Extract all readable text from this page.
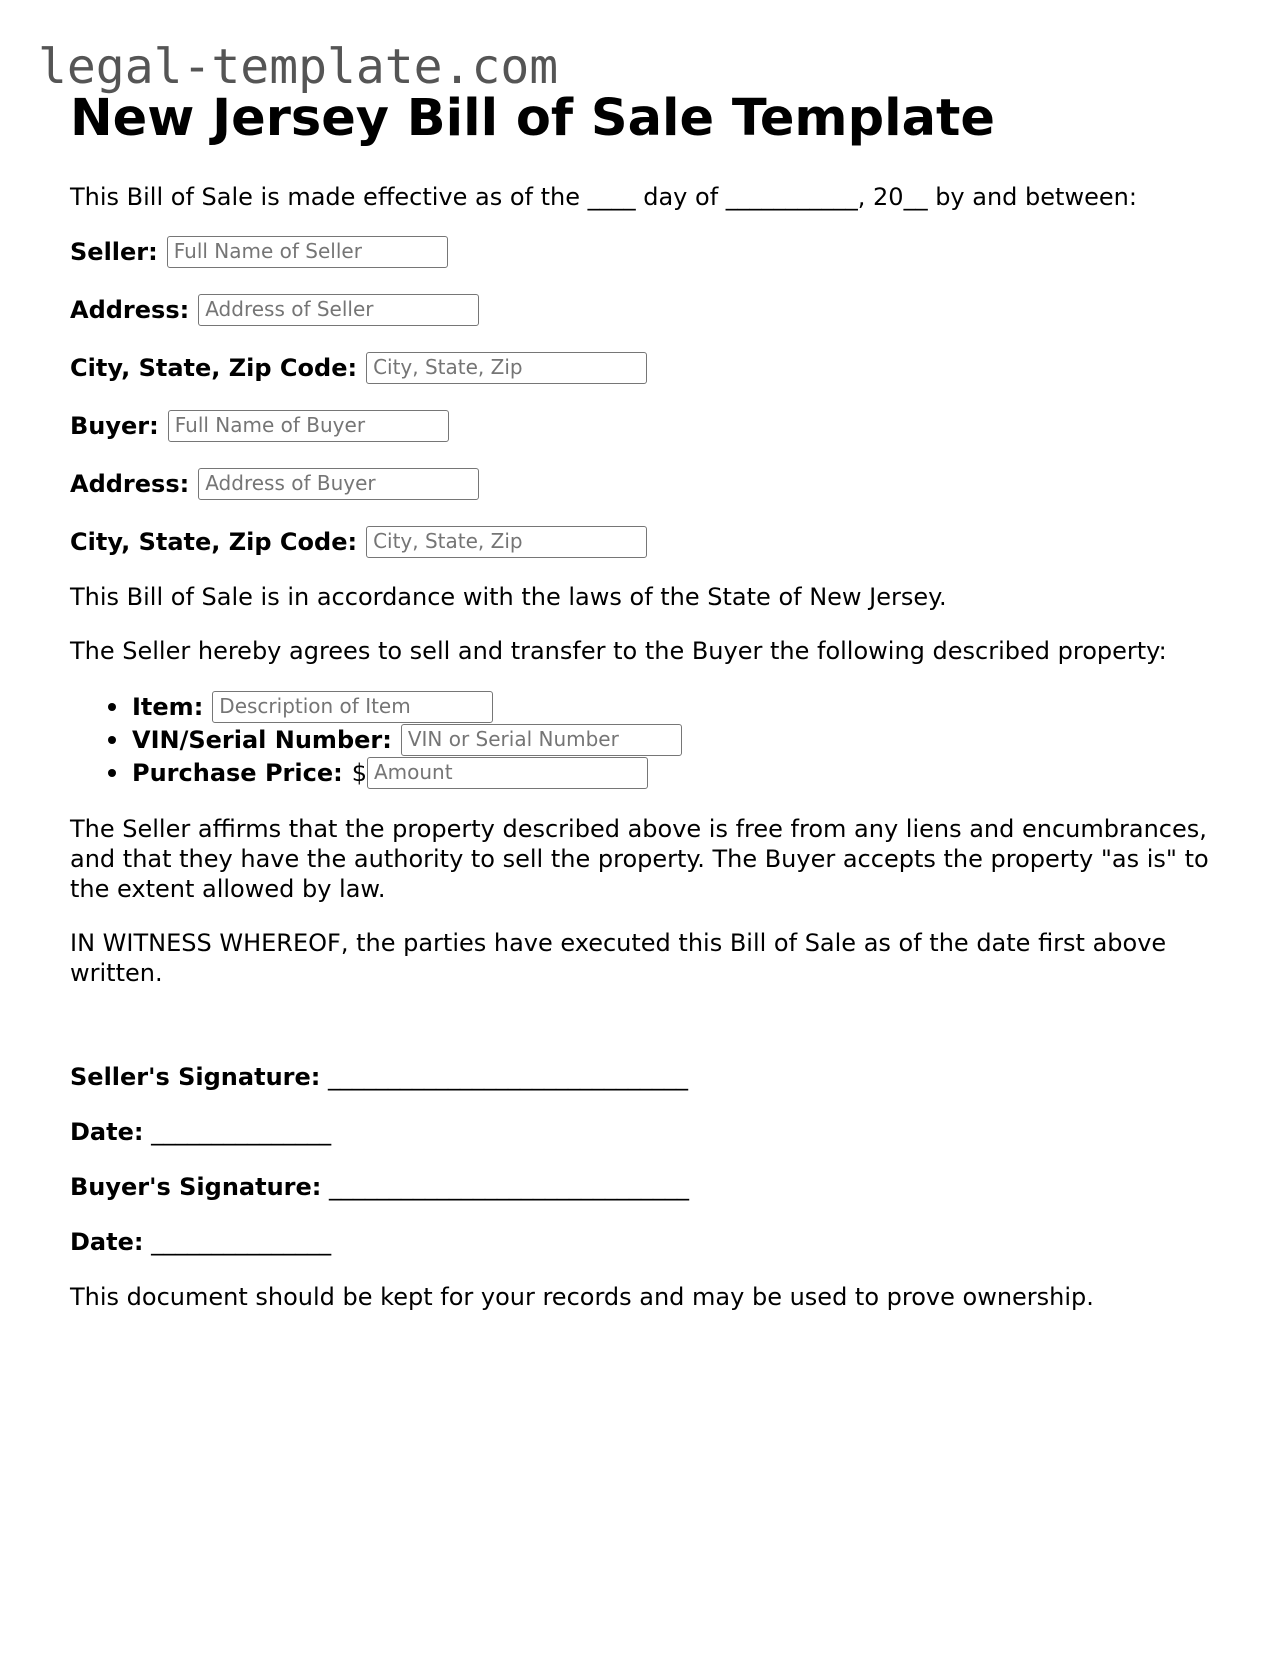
legal-template.com
New Jersey Bill of Sale Template

This Bill of Sale is made effective as of the ____ day of ___________, 20__ by and between:

Seller: Full Name of Seller
Address: Address of Seller
City, State, Zip Code: City, State, Zip
Buyer: Full Name of Buyer
Address: Address of Buyer
City, State, Zip Code: City, State, Zip

This Bill of Sale is in accordance with the laws of the State of New Jersey.

The Seller hereby agrees to sell and transfer to the Buyer the following described property:

Item: Description of Item
VIN/Serial Number: VIN or Serial Number
Purchase Price: $ Amount

The Seller affirms that the property described above is free from any liens and encumbrances, and that they have the authority to sell the property. The Buyer accepts the property "as is" to the extent allowed by law.

IN WITNESS WHEREOF, the parties have executed this Bill of Sale as of the date first above written.

Seller's Signature: ______________________________

Date: _______________

Buyer's Signature: ______________________________

Date: _______________

This document should be kept for your records and may be used to prove ownership.
